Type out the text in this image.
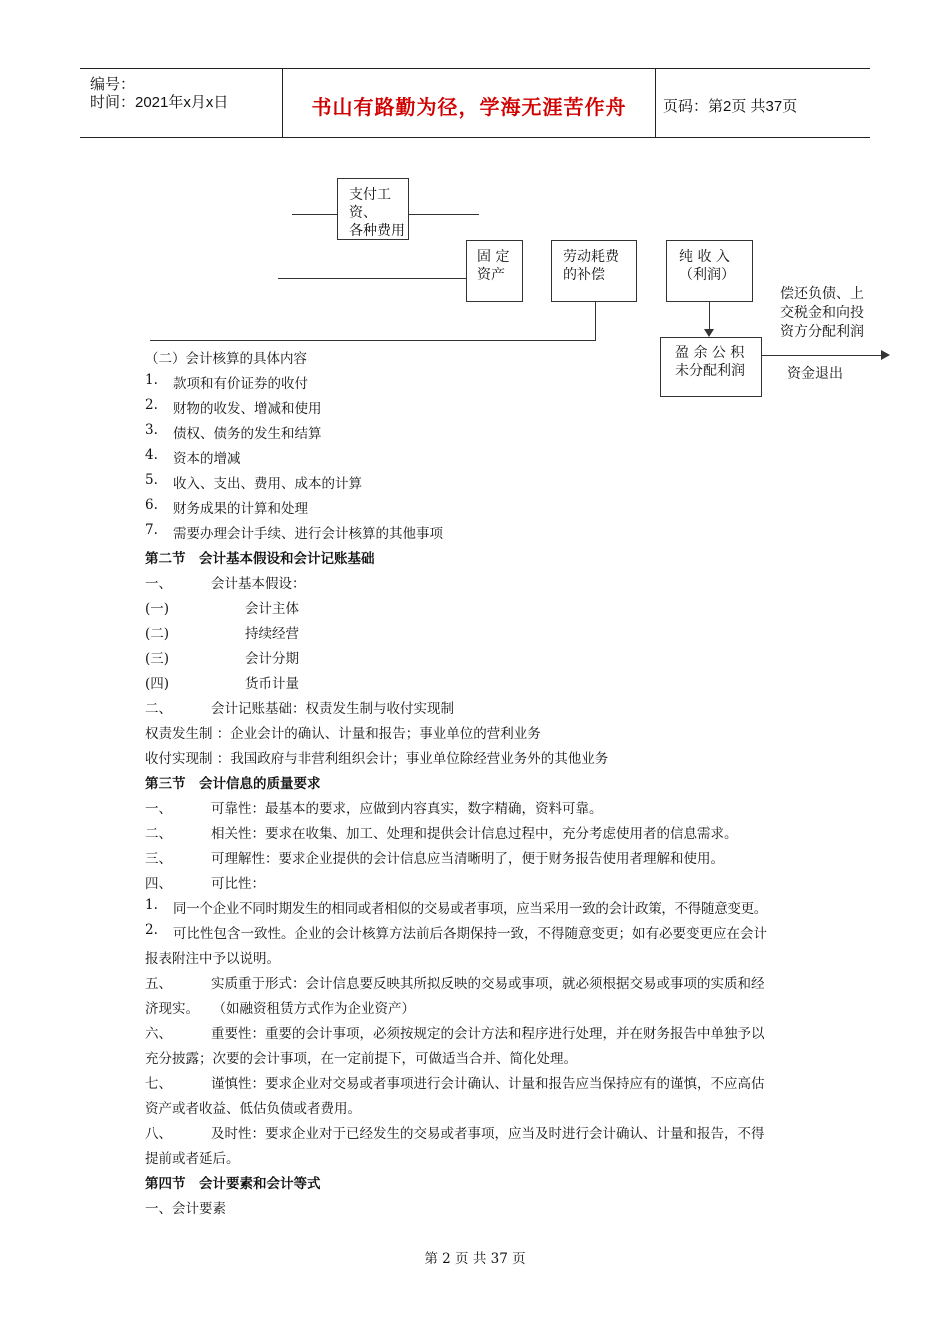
编号：
时间：2021年x月x日	书山有路勤为径，学海无涯苦作舟	页码：第2页 共37页
支付工资、
各种费用
固 定
资产
劳动耗费
的补偿
纯 收 入
（利润）
盈 余 公 积
未分配利润
偿还负债、上
交税金和向投
资方分配利润
资金退出
（二）会计核算的具体内容
1. 款项和有价证券的收付
2. 财物的收发、增减和使用
3. 债权、债务的发生和结算
4. 资本的增减
5. 收入、支出、费用、成本的计算
6. 财务成果的计算和处理
7. 需要办理会计手续、进行会计核算的其他事项
第二节　会计基本假设和会计记账基础
一、	会计基本假设：
(一)	会计主体
(二)	持续经营
(三)	会计分期
(四)	货币计量
二、	会计记账基础：权责发生制与收付实现制
权责发生制 ：企业会计的确认、计量和报告；事业单位的营利业务
收付实现制 ：我国政府与非营利组织会计；事业单位除经营业务外的其他业务
第三节　会计信息的质量要求
一、	可靠性：最基本的要求，应做到内容真实，数字精确，资料可靠。
二、	相关性：要求在收集、加工、处理和提供会计信息过程中，充分考虑使用者的信息需求。
三、	可理解性：要求企业提供的会计信息应当清晰明了，便于财务报告使用者理解和使用。
四、	可比性：
1. 同一个企业不同时期发生的相同或者相似的交易或者事项，应当采用一致的会计政策，不得随意变更。
2. 可比性包含一致性。企业的会计核算方法前后各期保持一致，不得随意变更；如有必要变更应在会计
报表附注中予以说明。
五、	实质重于形式：会计信息要反映其所拟反映的交易或事项，就必须根据交易或事项的实质和经
济现实。　　（如融资租赁方式作为企业资产）
六、	重要性：重要的会计事项，必须按规定的会计方法和程序进行处理，并在财务报告中单独予以
充分披露；次要的会计事项，在一定前提下，可做适当合并、简化处理。
七、	谨慎性：要求企业对交易或者事项进行会计确认、计量和报告应当保持应有的谨慎，不应高估
资产或者收益、低估负债或者费用。
八、	及时性：要求企业对于已经发生的交易或者事项，应当及时进行会计确认、计量和报告，不得
提前或者延后。
第四节　会计要素和会计等式
一、会计要素
第 2 页 共 37 页
